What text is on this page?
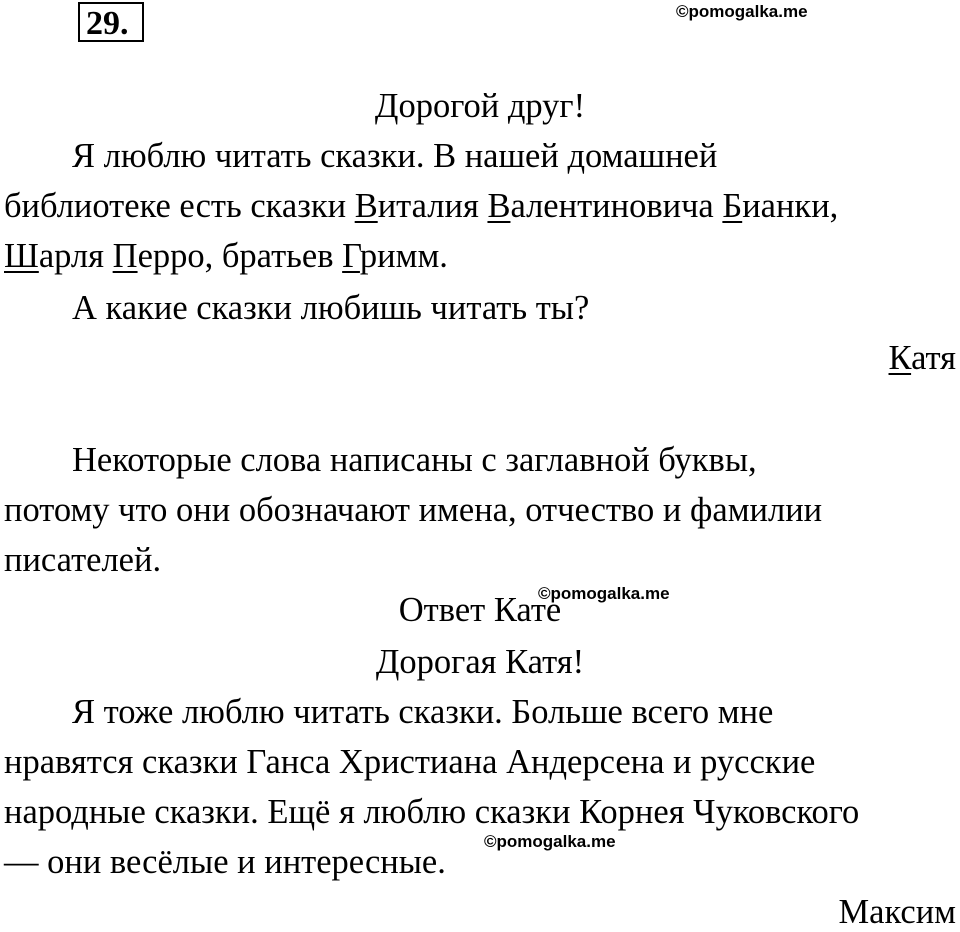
29.	©pomogalka.me
Дорогой друг!
Я люблю читать сказки. В нашей домашней
библиотеке есть сказки Виталия Валентиновича Бианки,
Шарля Перро, братьев Гримм.
А какие сказки любишь читать ты?
Катя
Некоторые слова написаны с заглавной буквы,
потому что они обозначают имена, отчество и фамилии
писателей.
Ответ Кате
©pomogalka.me
Дорогая Катя!
Я тоже люблю читать сказки. Больше всего мне
нравятся сказки Ганса Христиана Андерсена и русские
народные сказки. Ещё я люблю сказки Корнея Чуковского
— они весёлые и интересные.
©pomogalka.me
Максим
